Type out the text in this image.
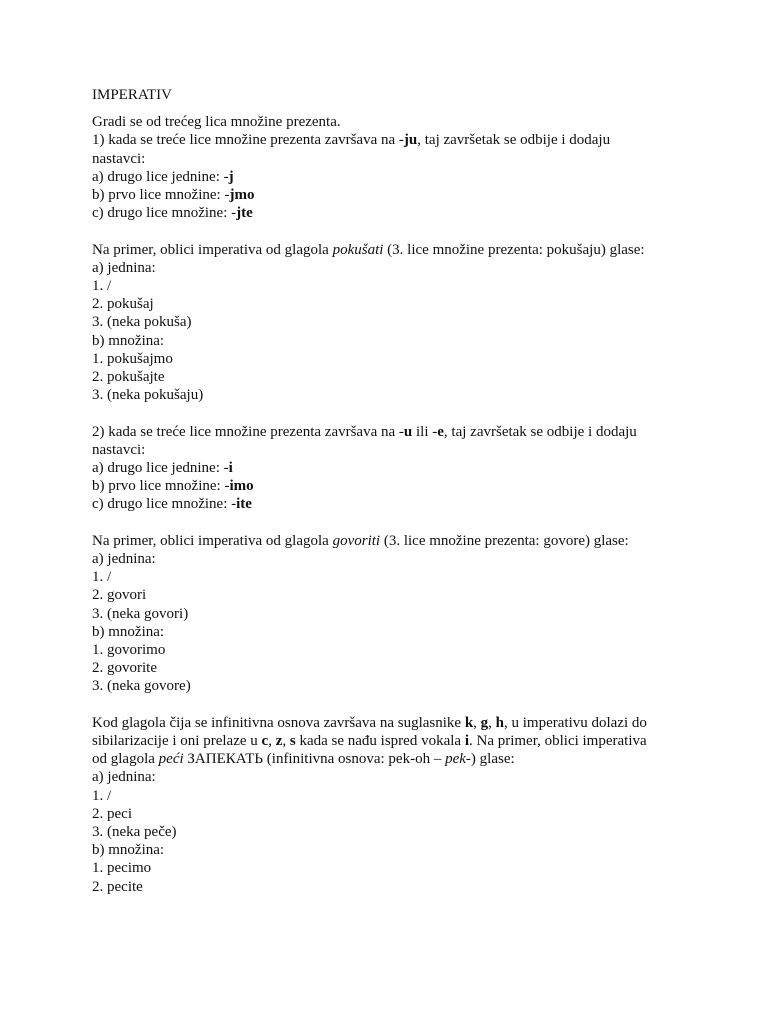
IMPERATIV
Gradi se od trećeg lica množine prezenta.
1) kada se treće lice množine prezenta završava na -ju, taj završetak se odbije i dodaju
nastavci:
a) drugo lice jednine: -j
b) prvo lice množine: -jmo
c) drugo lice množine: -jte
Na primer, oblici imperativa od glagola pokušati (3. lice množine prezenta: pokušaju) glase:
a) jednina:
1. /
2. pokušaj
3. (neka pokuša)
b) množina:
1. pokušajmo
2. pokušajte
3. (neka pokušaju)
2) kada se treće lice množine prezenta završava na -u ili -e, taj završetak se odbije i dodaju
nastavci:
a) drugo lice jednine: -i
b) prvo lice množine: -imo
c) drugo lice množine: -ite
Na primer, oblici imperativa od glagola govoriti (3. lice množine prezenta: govore) glase:
a) jednina:
1. /
2. govori
3. (neka govori)
b) množina:
1. govorimo
2. govorite
3. (neka govore)
Kod glagola čija se infinitivna osnova završava na suglasnike k, g, h, u imperativu dolazi do
sibilarizacije i oni prelaze u c, z, s kada se nađu ispred vokala i. Na primer, oblici imperativa
od glagola peći ЗАПЕКАТЬ (infinitivna osnova: pek-oh – pek-) glase:
a) jednina:
1. /
2. peci
3. (neka peče)
b) množina:
1. pecimo
2. pecite
